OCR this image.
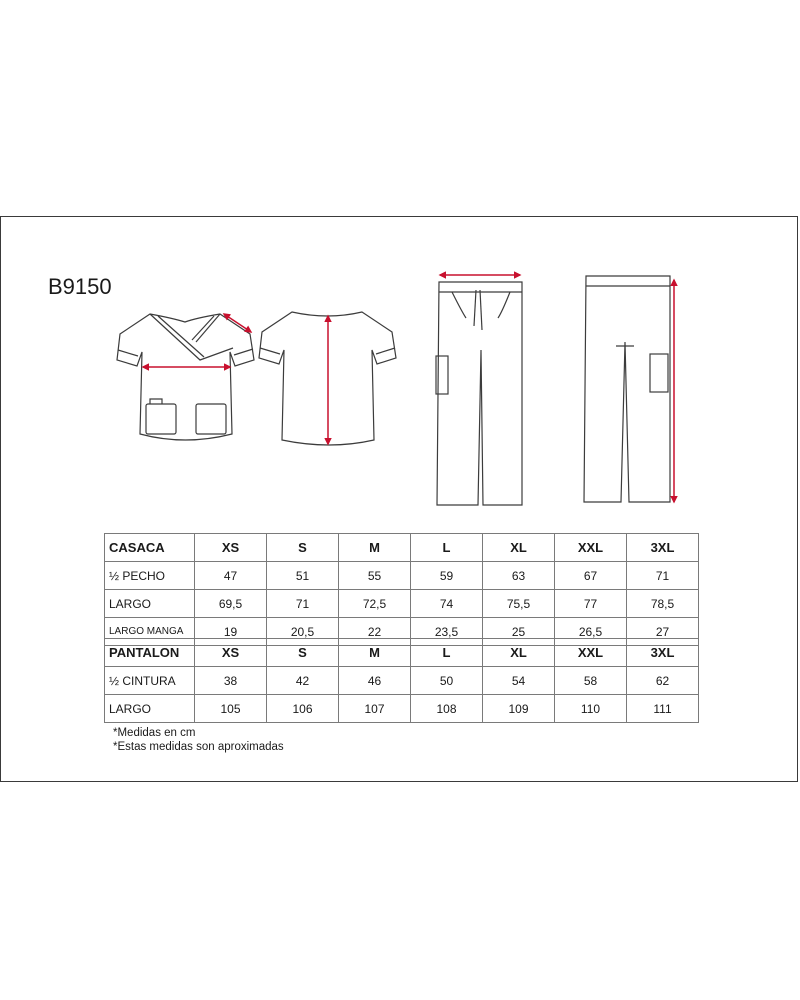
B9150
CASACA	XS	S	M	L	XL	XXL	3XL
½ PECHO	47	51	55	59	63	67	71
LARGO	69,5	71	72,5	74	75,5	77	78,5
LARGO MANGA	19	20,5	22	23,5	25	26,5	27
PANTALON	XS	S	M	L	XL	XXL	3XL
½ CINTURA	38	42	46	50	54	58	62
LARGO	105	106	107	108	109	110	111
*Medidas en cm
*Estas medidas son aproximadas
